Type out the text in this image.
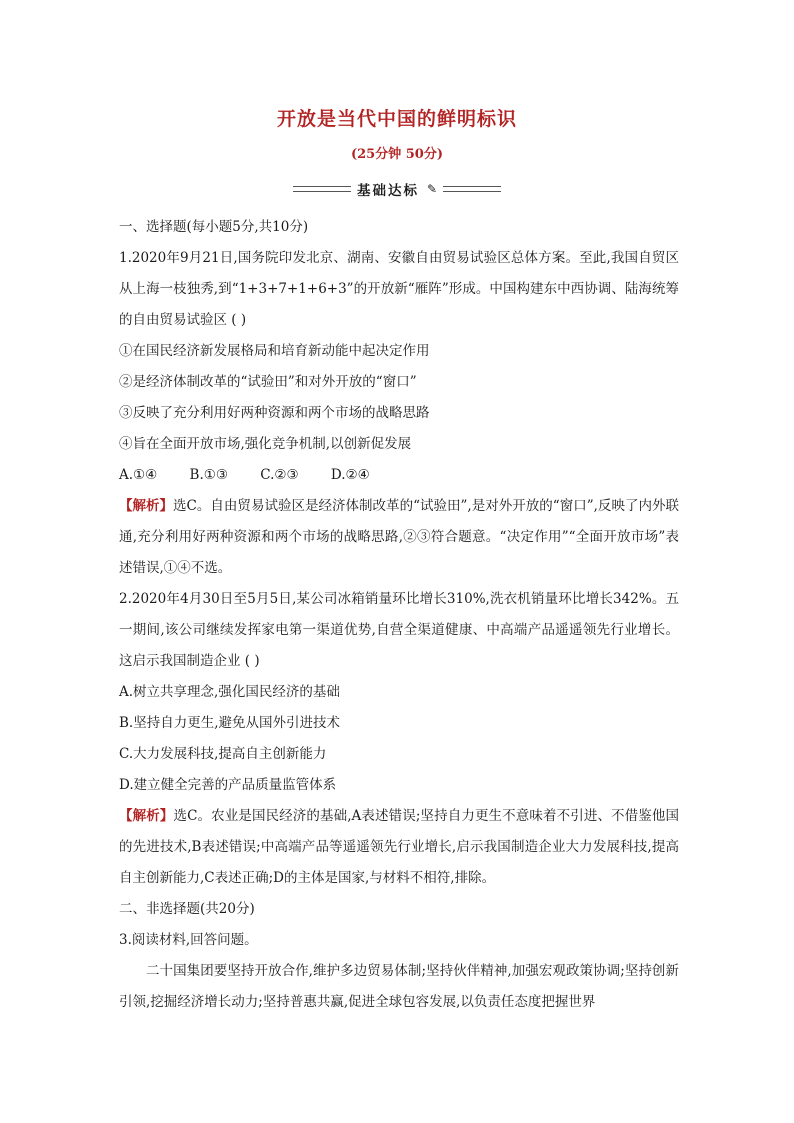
开放是当代中国的鲜明标识
(25分钟 50分)
基础达标 ✎
一、选择题(每小题5分,共10分)
1.2020年9月21日,国务院印发北京、湖南、安徽自由贸易试验区总体方案。至此,我国自贸区从上海一枝独秀,到“1+3+7+1+6+3”的开放新“雁阵”形成。中国构建东中西协调、陆海统筹的自由贸易试验区 ( )
①在国民经济新发展格局和培育新动能中起决定作用
②是经济体制改革的“试验田”和对外开放的“窗口”
③反映了充分利用好两种资源和两个市场的战略思路
④旨在全面开放市场,强化竞争机制,以创新促发展
A.①④ B.①③ C.②③ D.②④
【解析】选C。自由贸易试验区是经济体制改革的“试验田”,是对外开放的“窗口”,反映了内外联通,充分利用好两种资源和两个市场的战略思路,②③符合题意。“决定作用”“全面开放市场”表述错误,①④不选。
2.2020年4月30日至5月5日,某公司冰箱销量环比增长310%,洗衣机销量环比增长342%。五一期间,该公司继续发挥家电第一渠道优势,自营全渠道健康、中高端产品遥遥领先行业增长。这启示我国制造企业 ( )
A.树立共享理念,强化国民经济的基础
B.坚持自力更生,避免从国外引进技术
C.大力发展科技,提高自主创新能力
D.建立健全完善的产品质量监管体系
【解析】选C。农业是国民经济的基础,A表述错误;坚持自力更生不意味着不引进、不借鉴他国的先进技术,B表述错误;中高端产品等遥遥领先行业增长,启示我国制造企业大力发展科技,提高自主创新能力,C表述正确;D的主体是国家,与材料不相符,排除。
二、非选择题(共20分)
3.阅读材料,回答问题。
二十国集团要坚持开放合作,维护多边贸易体制;坚持伙伴精神,加强宏观政策协调;坚持创新引领,挖掘经济增长动力;坚持普惠共赢,促进全球包容发展,以负责任态度把握世界
